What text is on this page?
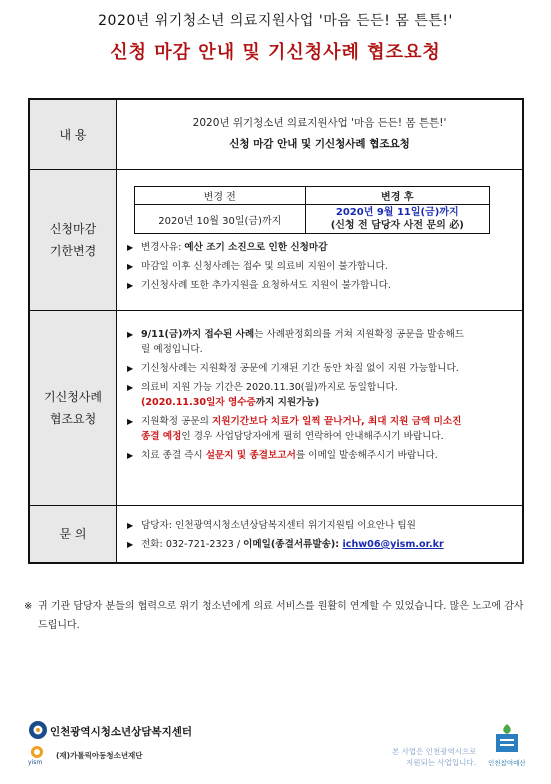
2020년 위기청소년 의료지원사업 '마음 든든! 몸 튼튼!'
신청 마감 안내 및 기신청사례 협조요청
내 용
2020년 위기청소년 의료지원사업 '마음 든든! 몸 튼튼!'
신청 마감 안내 및 기신청사례 협조요청
신청마감
기한변경
변경 전	변경 후
2020년 10월 30일(금)까지	2020년 9월 11일(금)까지
(신청 전 담당자 사전 문의 必)
▶ 변경사유: 예산 조기 소진으로 인한 신청마감
▶ 마감일 이후 신청사례는 접수 및 의료비 지원이 불가합니다.
▶ 기신청사례 또한 추가지원을 요청하셔도 지원이 불가합니다.
기신청사례
협조요청
▶ 9/11(금)까지 접수된 사례는 사례판정회의를 거쳐 지원확정 공문을 발송해드
릴 예정입니다.
▶ 기신청사례는 지원확정 공문에 기재된 기간 동안 차질 없이 지원 가능합니다.
▶ 의료비 지원 가능 기간은 2020.11.30(월)까지로 동일합니다.
(2020.11.30일자 영수증까지 지원가능)
▶ 지원확정 공문의 지원기간보다 치료가 일찍 끝나거나, 최대 지원 금액 미소진
종결 예정인 경우 사업담당자에게 필히 연락하여 안내해주시기 바랍니다.
▶ 치료 종결 즉시 설문지 및 종결보고서를 이메일 발송해주시기 바랍니다.
문 의
▶ 담당자: 인천광역시청소년상담복지센터 위기지원팀 이요안나 팀원
▶ 전화: 032-721-2323 / 이메일(종결서류발송): ichw06@yism.or.kr
※ 귀 기관 담당자 분들의 협력으로 위기 청소년에게 의료 서비스를 원활히 연계할 수 있었습니다. 많은 노고에 감사드립니다.
인천광역시청소년상담복지센터
yism
(재)가톨릭아동청소년재단	본 사업은 인천광역시으로
지원되는 사업입니다. 인천참여예산
